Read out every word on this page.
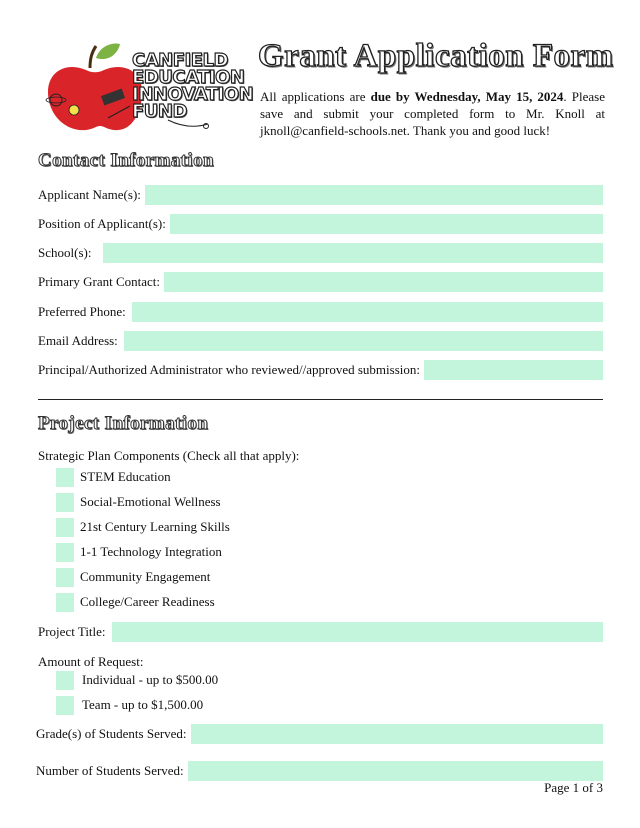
CANFIELD
EDUCATION
INNOVATION
FUND
Grant Application Form
All applications are due by Wednesday, May 15, 2024. Please save and submit your completed form to Mr. Knoll at jknoll@canfield-schools.net. Thank you and good luck!
Contact Information
Applicant Name(s):
Position of Applicant(s):
School(s):
Primary Grant Contact:
Preferred Phone:
Email Address:
Principal/Authorized Administrator who reviewed//approved submission:
Project Information
Strategic Plan Components (Check all that apply):
STEM Education
Social-Emotional Wellness
21st Century Learning Skills
1-1 Technology Integration
Community Engagement
College/Career Readiness
Project Title:
Amount of Request:
Individual - up to $500.00
Team - up to $1,500.00
Grade(s) of Students Served:
Number of Students Served:
Page 1 of 3
